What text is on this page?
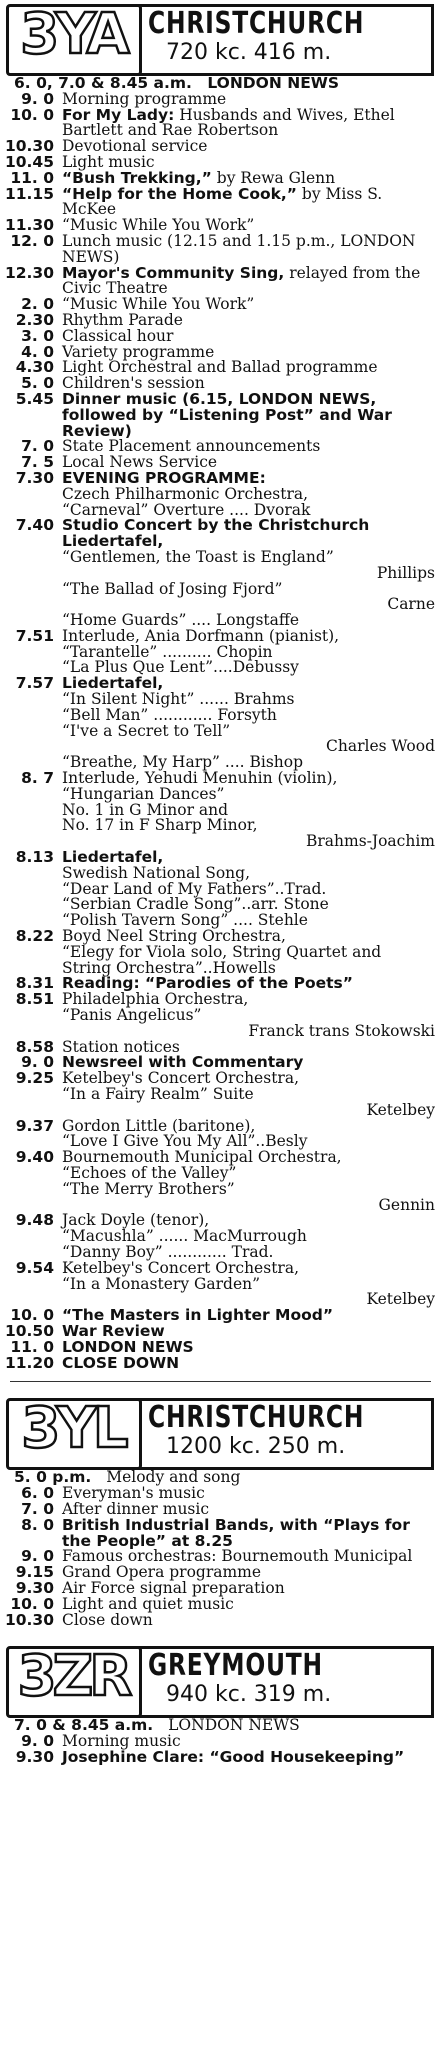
3YA CHRISTCHURCH
720 kc. 416 m.
6. 0, 7.0 & 8.45 a.m. LONDON NEWS
9. 0 Morning programme
10. 0 For My Lady: Husbands and Wives, Ethel Bartlett and Rae Robertson
10.30 Devotional service
10.45 Light music
11. 0 “Bush Trekking,” by Rewa Glenn
11.15 “Help for the Home Cook,” by Miss S. McKee
11.30 “Music While You Work”
12. 0 Lunch music (12.15 and 1.15 p.m., LONDON NEWS)
12.30 Mayor's Community Sing, relayed from the Civic Theatre
2. 0 “Music While You Work”
2.30 Rhythm Parade
3. 0 Classical hour
4. 0 Variety programme
4.30 Light Orchestral and Ballad programme
5. 0 Children's session
5.45 Dinner music (6.15, LONDON NEWS, followed by “Listening Post” and War Review)
7. 0 State Placement announcements
7. 5 Local News Service
7.30 EVENING PROGRAMME:
Czech Philharmonic Orchestra,
“Carneval” Overture .... Dvorak
7.40 Studio Concert by the Christchurch Liedertafel,
“Gentlemen, the Toast is England”
Phillips
“The Ballad of Josing Fjord”
Carne
“Home Guards” .... Longstaffe
7.51 Interlude, Ania Dorfmann (pianist),
“Tarantelle” .......... Chopin
“La Plus Que Lent”....Debussy
7.57 Liedertafel,
“In Silent Night” ...... Brahms
“Bell Man” ............ Forsyth
“I've a Secret to Tell”
Charles Wood
“Breathe, My Harp” .... Bishop
8. 7 Interlude, Yehudi Menuhin (violin),
“Hungarian Dances”
No. 1 in G Minor and
No. 17 in F Sharp Minor,
Brahms-Joachim
8.13 Liedertafel,
Swedish National Song,
“Dear Land of My Fathers”..Trad.
“Serbian Cradle Song”..arr. Stone
“Polish Tavern Song” .... Stehle
8.22 Boyd Neel String Orchestra,
“Elegy for Viola solo, String Quartet and String Orchestra”..Howells
8.31 Reading: “Parodies of the Poets”
8.51 Philadelphia Orchestra,
“Panis Angelicus”
Franck trans Stokowski
8.58 Station notices
9. 0 Newsreel with Commentary
9.25 Ketelbey's Concert Orchestra,
“In a Fairy Realm” Suite
Ketelbey
9.37 Gordon Little (baritone),
“Love I Give You My All”..Besly
9.40 Bournemouth Municipal Orchestra,
“Echoes of the Valley”
“The Merry Brothers”
Gennin
9.48 Jack Doyle (tenor),
“Macushla” ...... MacMurrough
“Danny Boy” ............ Trad.
9.54 Ketelbey's Concert Orchestra,
“In a Monastery Garden”
Ketelbey
10. 0 “The Masters in Lighter Mood”
10.50 War Review
11. 0 LONDON NEWS
11.20 CLOSE DOWN
3YL CHRISTCHURCH
1200 kc. 250 m.
5. 0 p.m. Melody and song
6. 0 Everyman's music
7. 0 After dinner music
8. 0 British Industrial Bands, with “Plays for the People” at 8.25
9. 0 Famous orchestras: Bournemouth Municipal
9.15 Grand Opera programme
9.30 Air Force signal preparation
10. 0 Light and quiet music
10.30 Close down
3ZR GREYMOUTH
940 kc. 319 m.
7. 0 & 8.45 a.m. LONDON NEWS
9. 0 Morning music
9.30 Josephine Clare: “Good Housekeeping”
